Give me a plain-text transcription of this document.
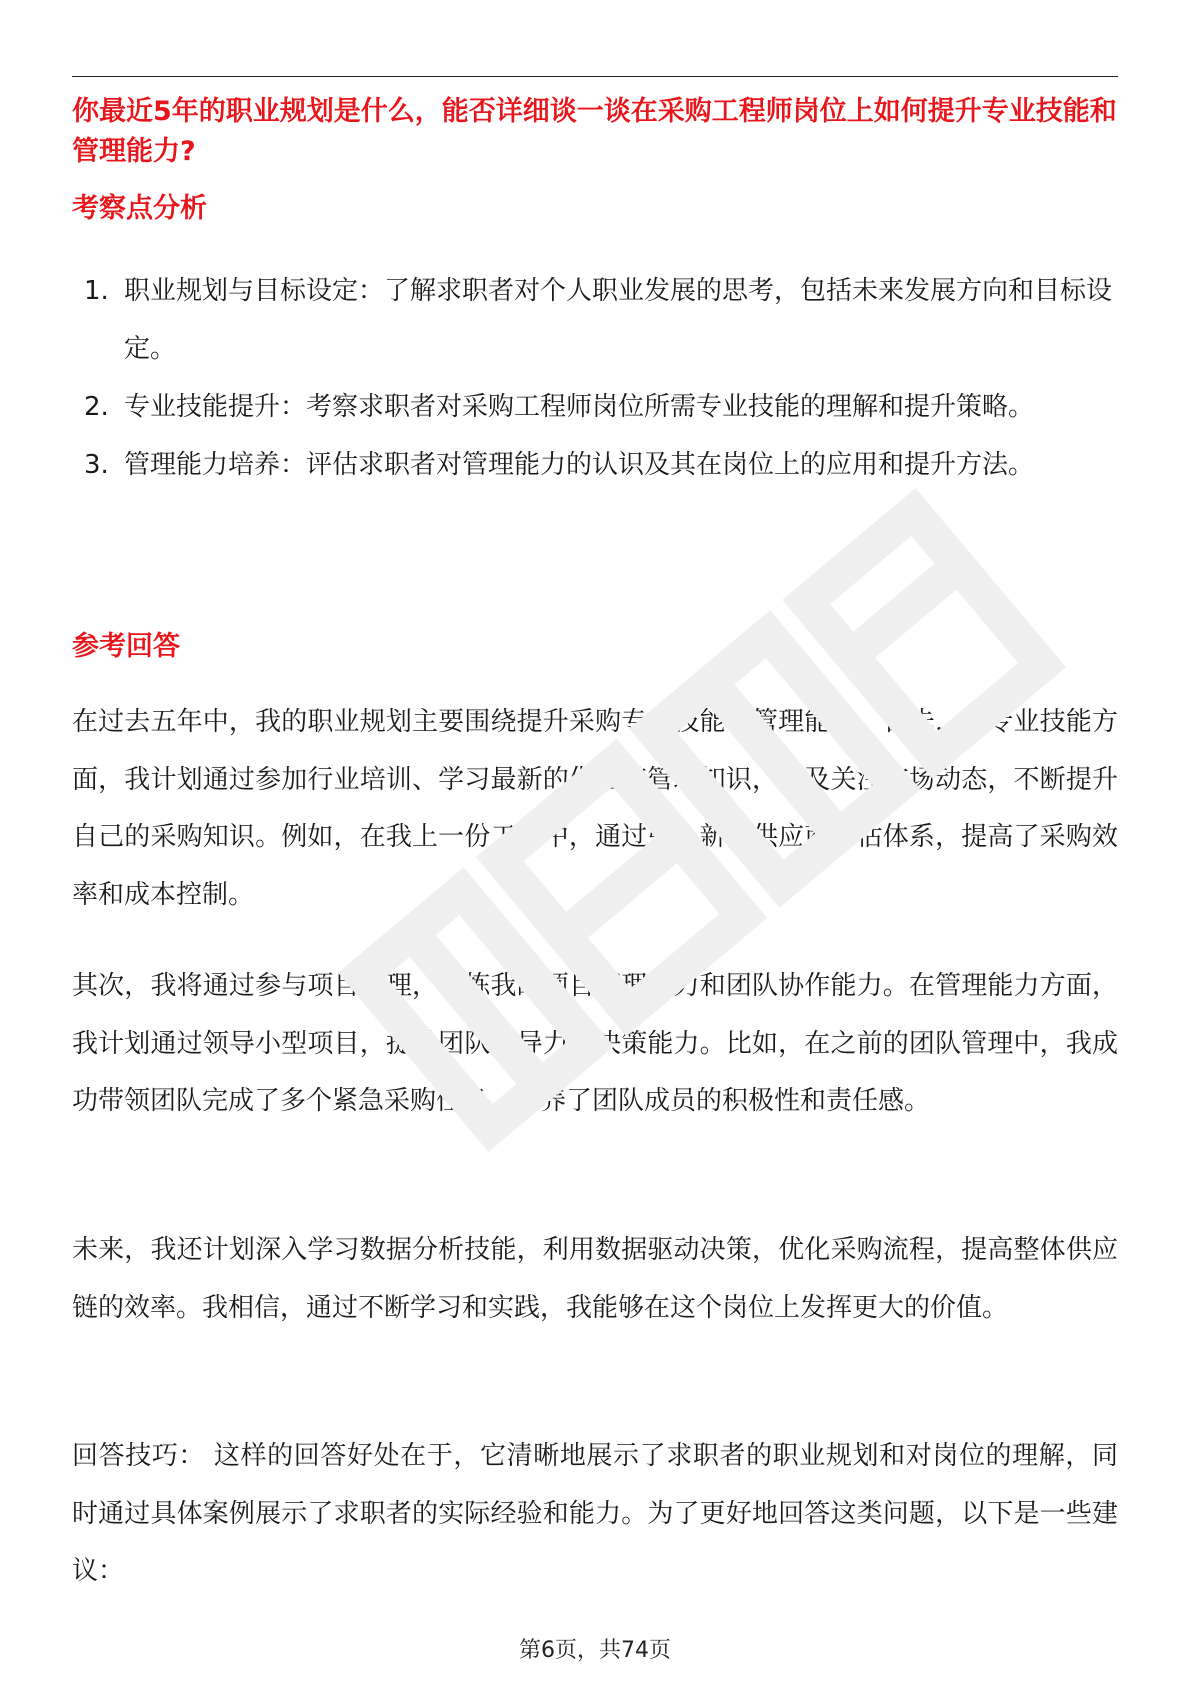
你最近5年的职业规划是什么，能否详细谈一谈在采购工程师岗位上如何提升专业技能和管理能力?
考察点分析
1. 职业规划与目标设定：了解求职者对个人职业发展的思考，包括未来发展方向和目标设定。
2. 专业技能提升：考察求职者对采购工程师岗位所需专业技能的理解和提升策略。
3. 管理能力培养：评估求职者对管理能力的认识及其在岗位上的应用和提升方法。
参考回答

在过去五年中，我的职业规划主要围绕提升采购专业技能和管理能力。首先，在专业技能方面，我计划通过参加行业培训、学习最新的供应链管理知识，以及关注市场动态，不断提升自己的采购知识。例如，在我上一份工作中，通过引入新的供应商评估体系，提高了采购效率和成本控制。

其次，我将通过参与项目管理，锻炼我的项目管理能力和团队协作能力。在管理能力方面，我计划通过领导小型项目，提升团队领导力和决策能力。比如，在之前的团队管理中，我成功带领团队完成了多个紧急采购任务，培养了团队成员的积极性和责任感。

未来，我还计划深入学习数据分析技能，利用数据驱动决策，优化采购流程，提高整体供应链的效率。我相信，通过不断学习和实践，我能够在这个岗位上发挥更大的价值。

回答技巧： 这样的回答好处在于，它清晰地展示了求职者的职业规划和对岗位的理解，同时通过具体案例展示了求职者的实际经验和能力。为了更好地回答这类问题，以下是一些建议：

第6页，共74页
